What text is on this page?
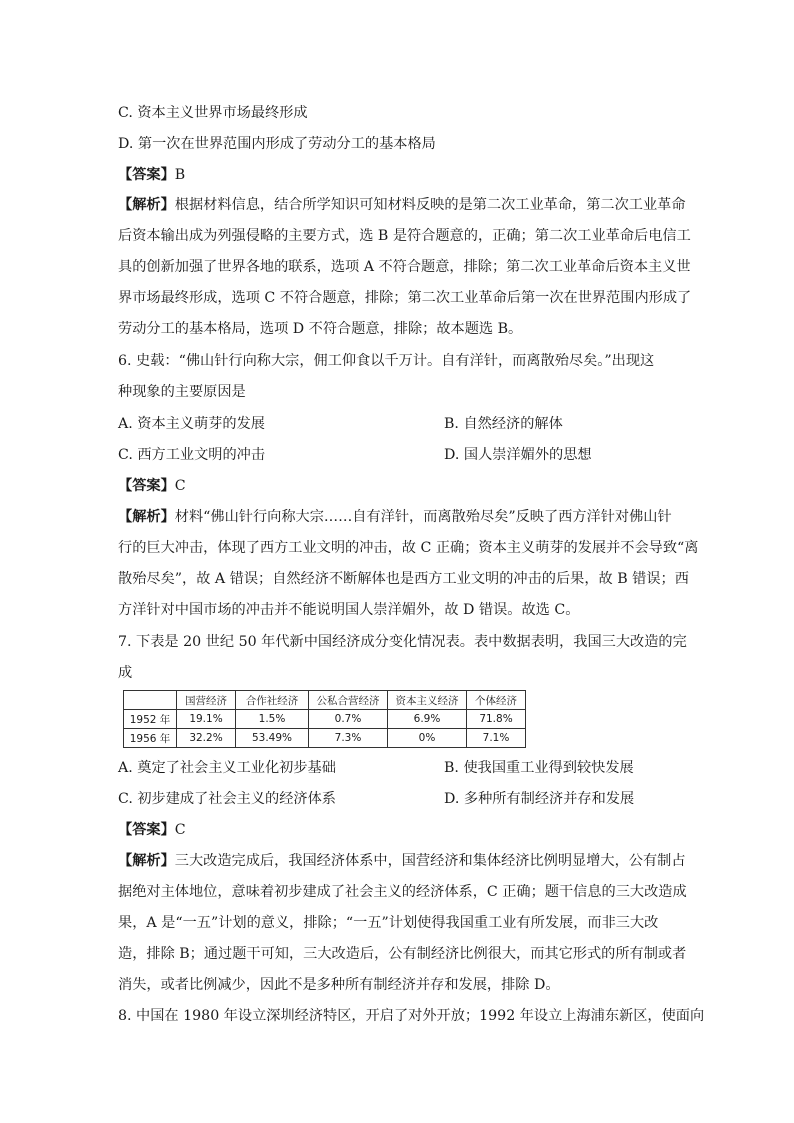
C. 资本主义世界市场最终形成
D. 第一次在世界范围内形成了劳动分工的基本格局
【答案】B
【解析】根据材料信息，结合所学知识可知材料反映的是第二次工业革命，第二次工业革命
后资本输出成为列强侵略的主要方式，选 B 是符合题意的，正确；第二次工业革命后电信工
具的创新加强了世界各地的联系，选项 A 不符合题意，排除；第二次工业革命后资本主义世
界市场最终形成，选项 C 不符合题意，排除；第二次工业革命后第一次在世界范围内形成了
劳动分工的基本格局，选项 D 不符合题意，排除；故本题选 B。
6. 史载：“佛山针行向称大宗，佣工仰食以千万计。自有洋针，而离散殆尽矣。”出现这
种现象的主要原因是
A. 资本主义萌芽的发展	B. 自然经济的解体
C. 西方工业文明的冲击	D. 国人崇洋媚外的思想
【答案】C
【解析】材料“佛山针行向称大宗……自有洋针，而离散殆尽矣”反映了西方洋针对佛山针
行的巨大冲击，体现了西方工业文明的冲击，故 C 正确；资本主义萌芽的发展并不会导致“离
散殆尽矣”，故 A 错误；自然经济不断解体也是西方工业文明的冲击的后果，故 B 错误；西
方洋针对中国市场的冲击并不能说明国人崇洋媚外，故 D 错误。故选 C。
7. 下表是 20 世纪 50 年代新中国经济成分变化情况表。表中数据表明，我国三大改造的完
成
	国营经济	合作社经济	公私合营经济	资本主义经济	个体经济
1952 年	19.1%	1.5%	0.7%	6.9%	71.8%
1956 年	32.2%	53.49%	7.3%	0%	7.1%
A. 奠定了社会主义工业化初步基础	B. 使我国重工业得到较快发展
C. 初步建成了社会主义的经济体系	D. 多种所有制经济并存和发展
【答案】C
【解析】三大改造完成后，我国经济体系中，国营经济和集体经济比例明显增大，公有制占
据绝对主体地位，意味着初步建成了社会主义的经济体系，C 正确；题干信息的三大改造成
果，A 是“一五”计划的意义，排除；“一五”计划使得我国重工业有所发展，而非三大改
造，排除 B；通过题干可知，三大改造后，公有制经济比例很大，而其它形式的所有制或者
消失，或者比例减少，因此不是多种所有制经济并存和发展，排除 D。
8. 中国在 1980 年设立深圳经济特区，开启了对外开放；1992 年设立上海浦东新区，使面向
